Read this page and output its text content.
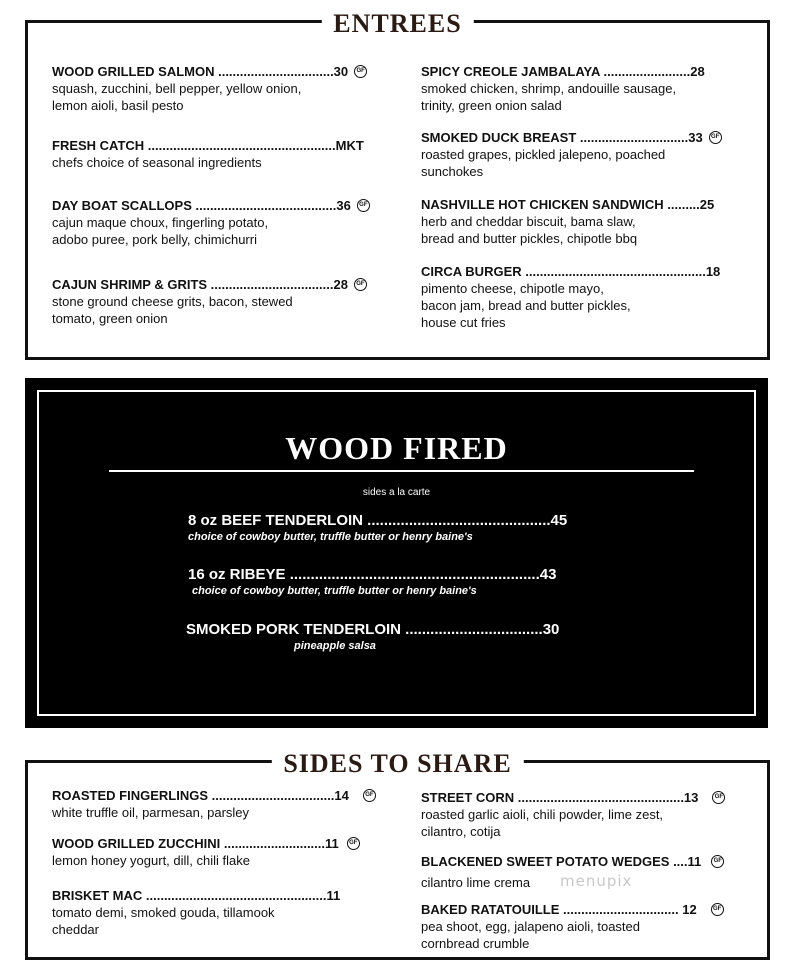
ENTREES
WOOD GRILLED SALMON ................................30	GF
squash, zucchini, bell pepper, yellow onion,
lemon aioli, basil pesto
FRESH CATCH ....................................................MKT
chefs choice of seasonal ingredients
DAY BOAT SCALLOPS .......................................36	GF
cajun maque choux, fingerling potato,
adobo puree, pork belly, chimichurri
CAJUN SHRIMP & GRITS ..................................28	GF
stone ground cheese grits, bacon, stewed
tomato, green onion
SPICY CREOLE JAMBALAYA ........................28
smoked chicken, shrimp, andouille sausage,
trinity, green onion salad
SMOKED DUCK BREAST ..............................33	GF
roasted grapes, pickled jalepeno, poached
sunchokes
NASHVILLE HOT CHICKEN SANDWICH .........25
herb and cheddar biscuit, bama slaw,
bread and butter pickles, chipotle bbq
CIRCA BURGER ..................................................18
pimento cheese, chipotle mayo,
bacon jam, bread and butter pickles,
house cut fries
WOOD FIRED
sides a la carte
8 oz BEEF TENDERLOIN ............................................45
choice of cowboy butter, truffle butter or henry baine's
16 oz RIBEYE ............................................................43
choice of cowboy butter, truffle butter or henry baine's
SMOKED PORK TENDERLOIN .................................30
pineapple salsa
SIDES TO SHARE
ROASTED FINGERLINGS ..................................14	GF
white truffle oil, parmesan, parsley
WOOD GRILLED ZUCCHINI ............................11	GF
lemon honey yogurt, dill, chili flake
BRISKET MAC ..................................................11
tomato demi, smoked gouda, tillamook
cheddar
STREET CORN ..............................................13	GF
roasted garlic aioli, chili powder, lime zest,
cilantro, cotija
BLACKENED SWEET POTATO WEDGES ....11	GF
cilantro lime crema
BAKED RATATOUILLE ................................ 12	GF
pea shoot, egg, jalapeno aioli, toasted
cornbread crumble
menupix
